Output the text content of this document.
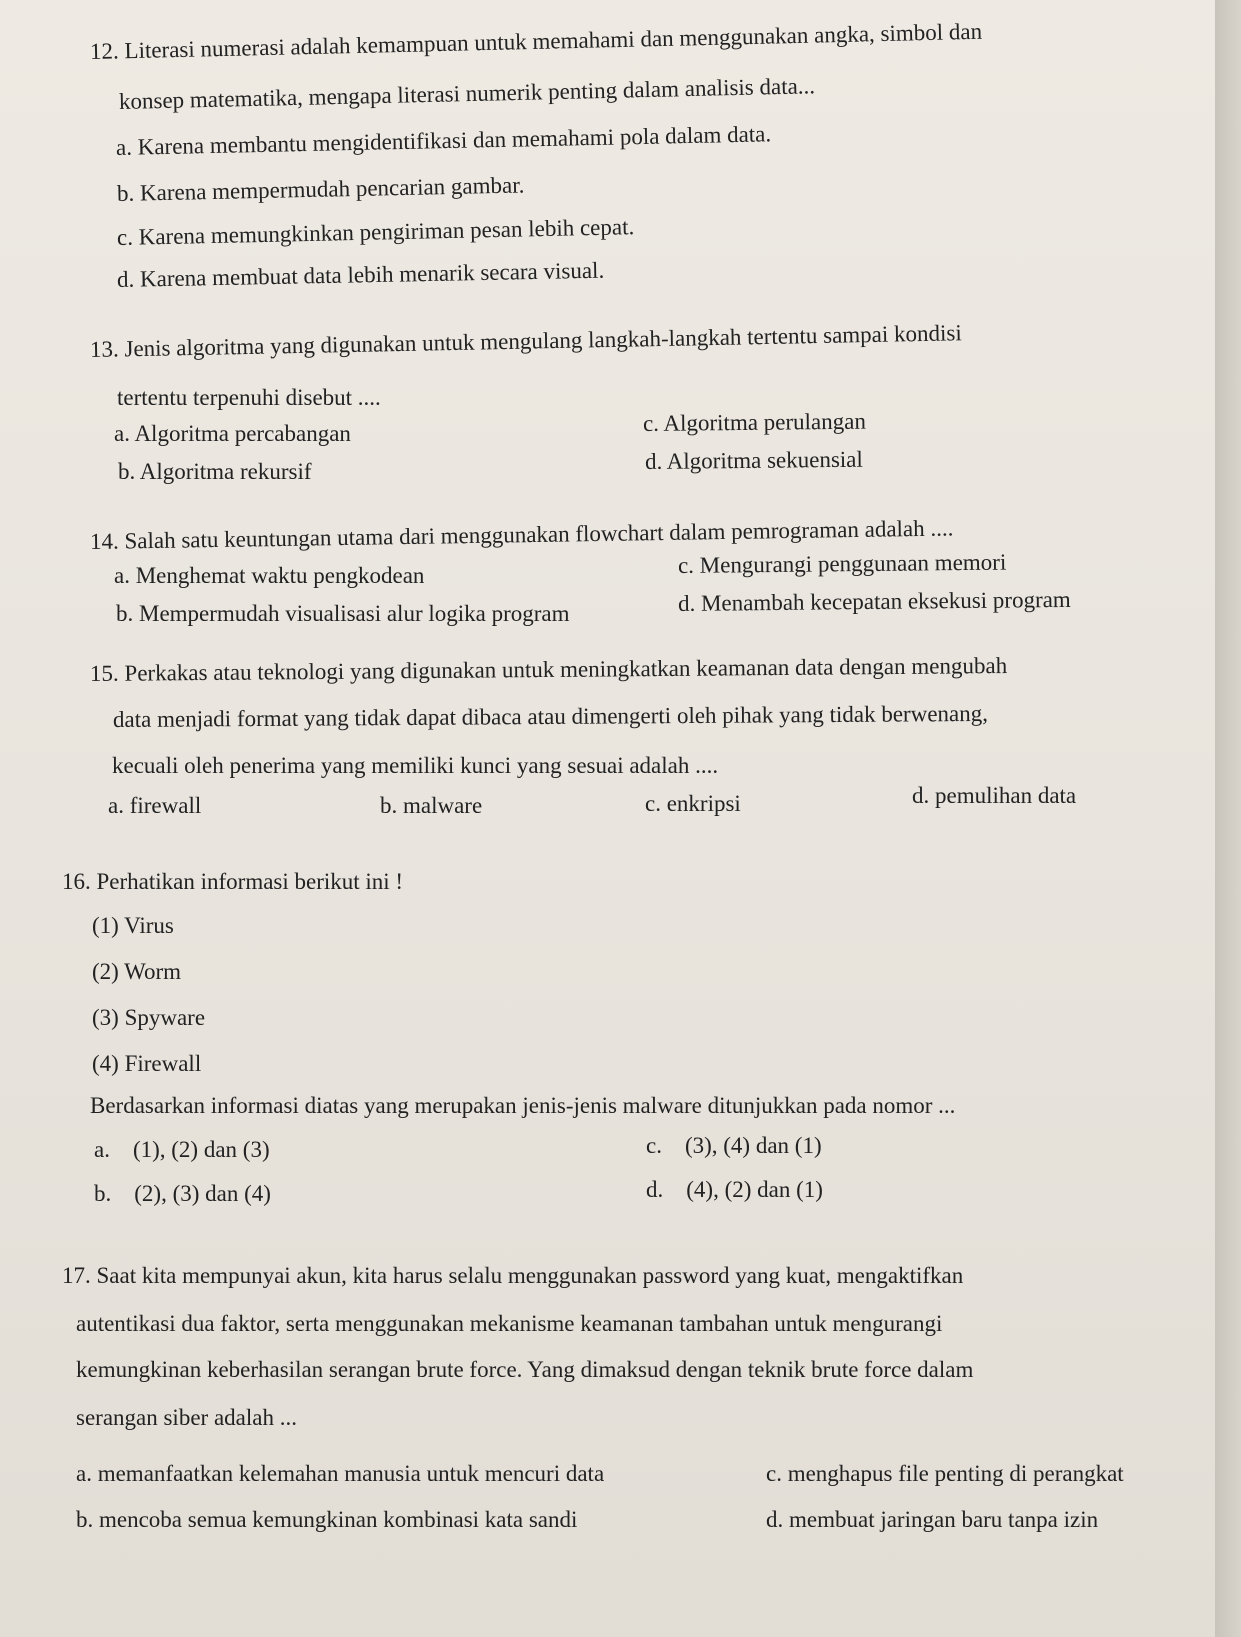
12. Literasi numerasi adalah kemampuan untuk memahami dan menggunakan angka, simbol dan
konsep matematika, mengapa literasi numerik penting dalam analisis data...
a. Karena membantu mengidentifikasi dan memahami pola dalam data.
b. Karena mempermudah pencarian gambar.
c. Karena memungkinkan pengiriman pesan lebih cepat.
d. Karena membuat data lebih menarik secara visual.
13. Jenis algoritma yang digunakan untuk mengulang langkah-langkah tertentu sampai kondisi
tertentu terpenuhi disebut ....
a. Algoritma percabangan	c. Algoritma perulangan
b. Algoritma rekursif	d. Algoritma sekuensial
14. Salah satu keuntungan utama dari menggunakan flowchart dalam pemrograman adalah ....
a. Menghemat waktu pengkodean	c. Mengurangi penggunaan memori
b. Mempermudah visualisasi alur logika program	d. Menambah kecepatan eksekusi program
15. Perkakas atau teknologi yang digunakan untuk meningkatkan keamanan data dengan mengubah
data menjadi format yang tidak dapat dibaca atau dimengerti oleh pihak yang tidak berwenang,
kecuali oleh penerima yang memiliki kunci yang sesuai adalah ....
a. firewall	b. malware	c. enkripsi	d. pemulihan data
16. Perhatikan informasi berikut ini !
(1) Virus
(2) Worm
(3) Spyware
(4) Firewall
Berdasarkan informasi diatas yang merupakan jenis-jenis malware ditunjukkan pada nomor ...
a.    (1), (2) dan (3)	c.    (3), (4) dan (1)
b.    (2), (3) dan (4)	d.    (4), (2) dan (1)
17. Saat kita mempunyai akun, kita harus selalu menggunakan password yang kuat, mengaktifkan
autentikasi dua faktor, serta menggunakan mekanisme keamanan tambahan untuk mengurangi
kemungkinan keberhasilan serangan brute force. Yang dimaksud dengan teknik brute force dalam
serangan siber adalah ...
a. memanfaatkan kelemahan manusia untuk mencuri data	c. menghapus file penting di perangkat
b. mencoba semua kemungkinan kombinasi kata sandi	d. membuat jaringan baru tanpa izin
